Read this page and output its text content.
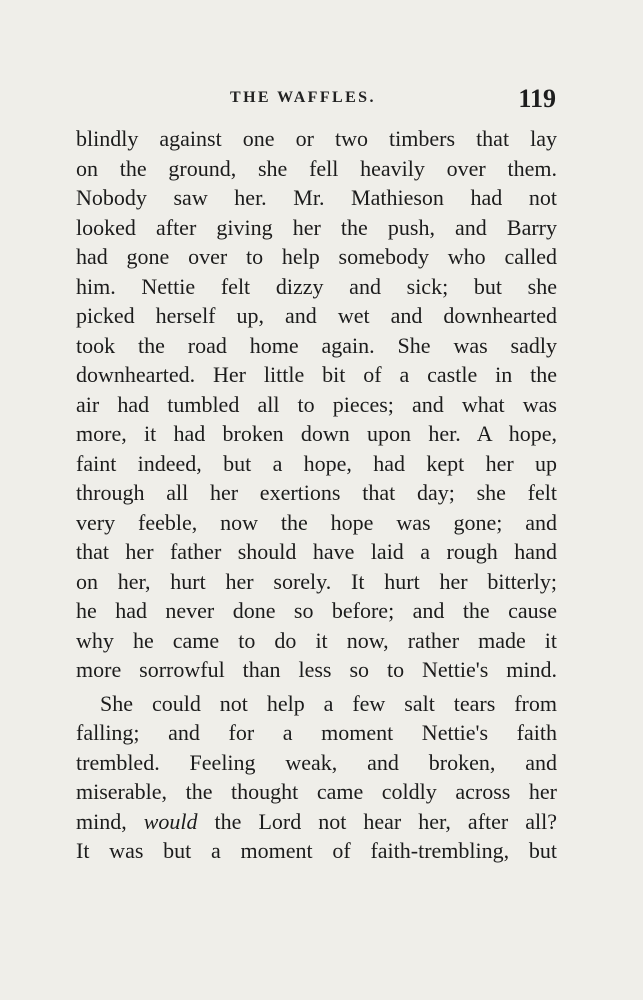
THE WAFFLES.	119
blindly against one or two timbers that lay
on the ground, she fell heavily over them.
Nobody saw her. Mr. Mathieson had not
looked after giving her the push, and Barry
had gone over to help somebody who called
him. Nettie felt dizzy and sick; but she
picked herself up, and wet and downhearted
took the road home again. She was sadly
downhearted. Her little bit of a castle in the
air had tumbled all to pieces; and what was
more, it had broken down upon her. A hope,
faint indeed, but a hope, had kept her up
through all her exertions that day; she felt
very feeble, now the hope was gone; and
that her father should have laid a rough hand
on her, hurt her sorely. It hurt her bitterly;
he had never done so before; and the cause
why he came to do it now, rather made it
more sorrowful than less so to Nettie's mind.
She could not help a few salt tears from
falling; and for a moment Nettie's faith
trembled. Feeling weak, and broken, and
miserable, the thought came coldly across her
mind, would the Lord not hear her, after all?
It was but a moment of faith-trembling, but
